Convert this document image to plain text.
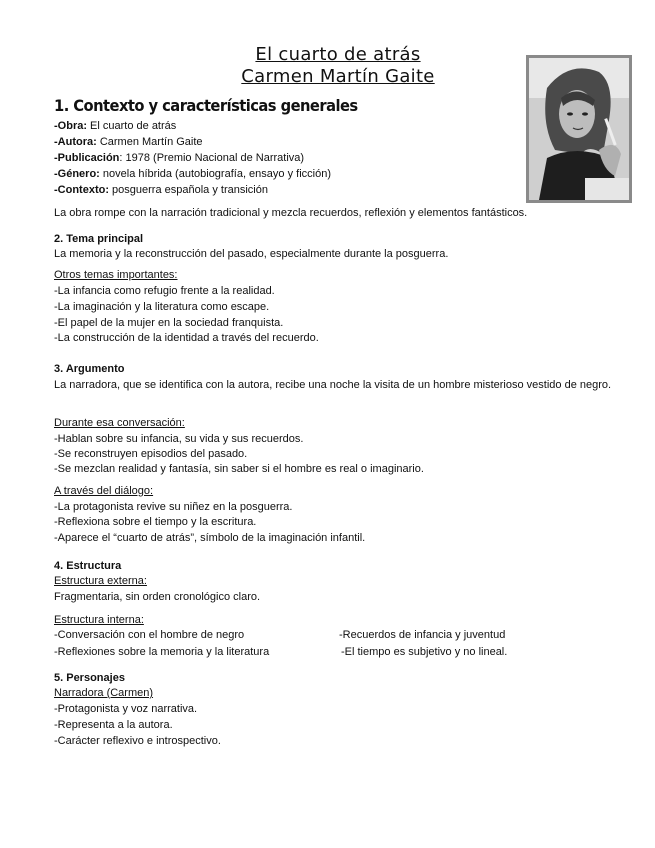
El cuarto de atrás
Carmen Martín Gaite
1. Contexto y características generales
-Obra: El cuarto de atrás
-Autora: Carmen Martín Gaite
-Publicación: 1978 (Premio Nacional de Narrativa)
-Género: novela híbrida (autobiografía, ensayo y ficción)
-Contexto: posguerra española y transición
La obra rompe con la narración tradicional y mezcla recuerdos, reflexión y elementos fantásticos.
2. Tema principal
La memoria y la reconstrucción del pasado, especialmente durante la posguerra.
Otros temas importantes:
-La infancia como refugio frente a la realidad.
-La imaginación y la literatura como escape.
-El papel de la mujer en la sociedad franquista.
-La construcción de la identidad a través del recuerdo.
3. Argumento
La narradora, que se identifica con la autora, recibe una noche la visita de un hombre misterioso vestido de negro.
Durante esa conversación:
-Hablan sobre su infancia, su vida y sus recuerdos.
-Se reconstruyen episodios del pasado.
-Se mezclan realidad y fantasía, sin saber si el hombre es real o imaginario.
A través del diálogo:
-La protagonista revive su niñez en la posguerra.
-Reflexiona sobre el tiempo y la escritura.
-Aparece el “cuarto de atrás”, símbolo de la imaginación infantil.
4. Estructura
Estructura externa:
Fragmentaria, sin orden cronológico claro.
Estructura interna:
-Conversación con el hombre de negro
-Reflexiones sobre la memoria y la literatura
-Recuerdos de infancia y juventud
-El tiempo es subjetivo y no lineal.
5. Personajes
Narradora (Carmen)
-Protagonista y voz narrativa.
-Representa a la autora.
-Carácter reflexivo e introspectivo.
